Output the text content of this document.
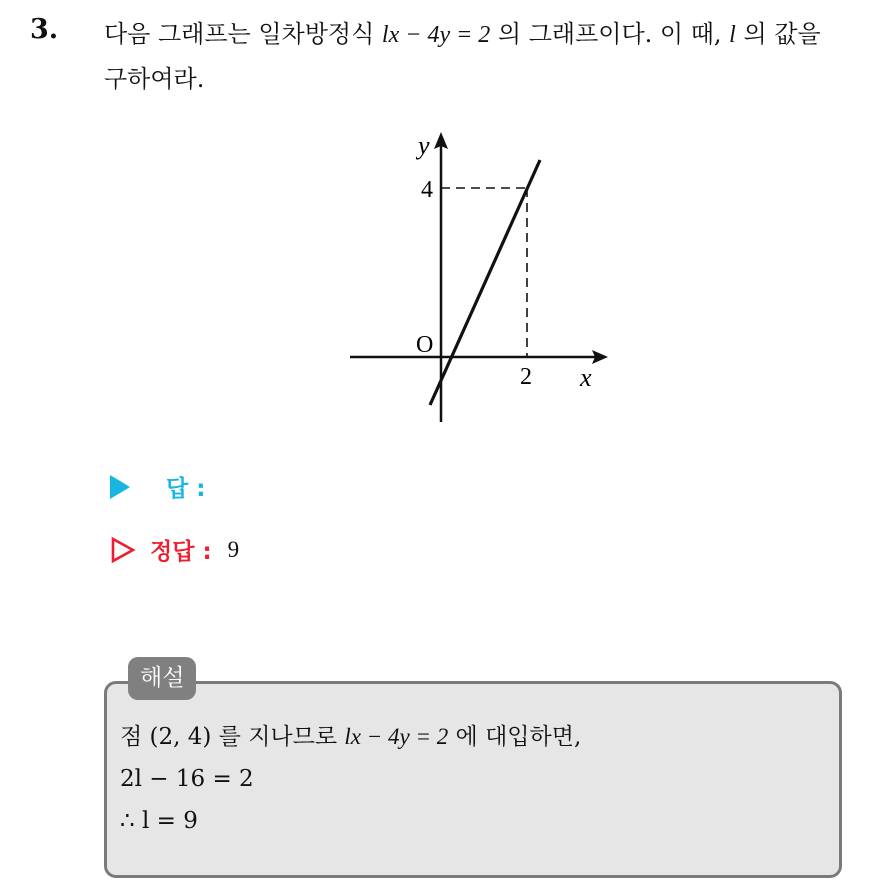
3. 다음 그래프는 일차방정식 lx − 4y = 2 의 그래프이다. 이 때, l 의 값을
구하여라.
y
4
O
2 x
답 :
정답 : 9
해설
점 (2, 4) 를 지나므로 lx − 4y = 2 에 대입하면,
2l − 16 = 2
∴ l = 9
